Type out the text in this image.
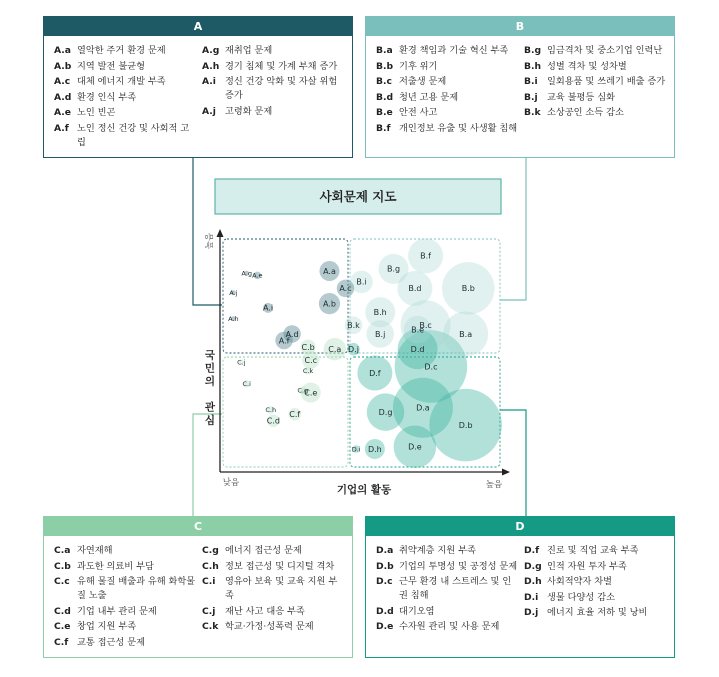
A
A.a 열악한 주거 환경 문제
A.b 지역 발전 불균형
A.c 대체 에너지 개발 부족
A.d 환경 인식 부족
A.e 노인 빈곤
A.f 노인 정신 건강 및 사회적 고립
A.g 재취업 문제
A.h 경기 침체 및 가계 부채 증가
A.i 정신 건강 악화 및 자살 위험 증가
A.j 고령화 문제
B
B.a 환경 책임과 기술 혁신 부족
B.b 기후 위기
B.c 저출생 문제
B.d 청년 고용 문제
B.e 안전 사고
B.f 개인정보 유출 및 사생활 침해
B.g 임금격차 및 중소기업 인력난
B.h 성별 격차 및 성차별
B.i	일회용품 및 쓰레기 배출 증가
B.j	교육 불평등 심화
B.k 소상공인 소득 감소
C
C.a 자연재해
C.b 과도한 의료비 부담
C.c 유해 물질 배출과 유해 화학물질 노출
C.d 기업 내부 관리 문제
C.e 창업 지원 부족
C.f 교통 접근성 문제
C.g 에너지 접근성 문제
C.h 정보 접근성 및 디지털 격차
C.i	영유아 보육 및 교육 지원 부족
C.j	재난 사고 대응 부족
C.k 학교·가정·성폭력 문제
D
D.a 취약계층 지원 부족
D.b 기업의 투명성 및 공정성 문제
D.c 근무 환경 내 스트레스 및 인권 침해
D.d 대기오염
D.e 수자원 관리 및 사용 문제
D.f 진로 및 직업 교육 부족
D.g 인적 자원 투자 부족
D.h 사회적약자 차별
D.i 생물 다양성 감소
D.j 에너지 효율 저하 및 낭비
사회문제 지도
A.a
A.b
A.c
A.d
A.e
A.f
A.g
A.h
A.i
A.j
B.a
B.b
B.c
B.d
B.e
B.f
B.g
B.h
B.i
B.j
B.k
C.a
C.b
C.c
C.d
C.e
C.f
C.g
C.h
C.i
C.j
C.k
D.a
D.b
D.c
D.d
D.e
D.f
D.g
D.h
D.i
D.j
높음
국 민 의 관 심
낮음
기업의 활동	높음
